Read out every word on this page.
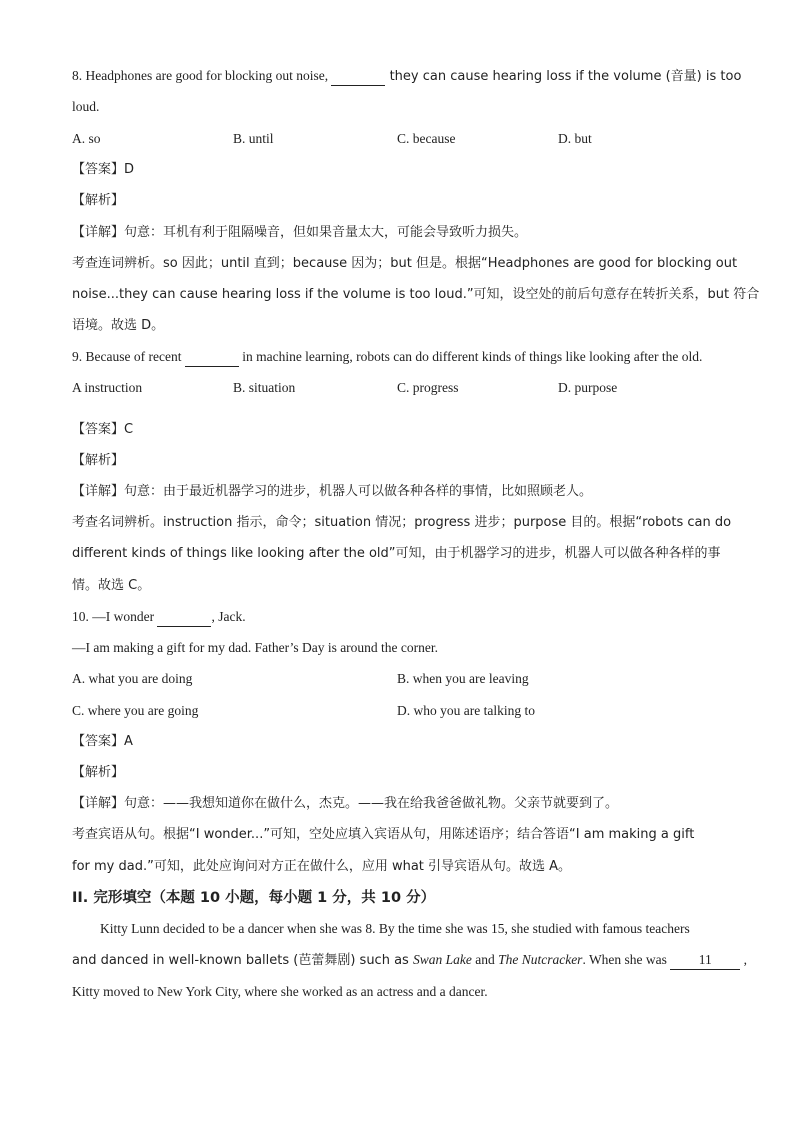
8. Headphones are good for blocking out noise,	they can cause hearing loss if the volume (音量) is too
loud.
A. so	B. until	C. because	D. but
【答案】D
【解析】
【详解】句意：耳机有利于阻隔噪音，但如果音量太大，可能会导致听力损失。
考查连词辨析。so 因此；until 直到；because 因为；but 但是。根据“Headphones are good for blocking out
noise...they can cause hearing loss if the volume is too loud.”可知，设空处的前后句意存在转折关系，but 符合
语境。故选 D。
9. Because of recent	in machine learning, robots can do different kinds of things like looking after the old.
A instruction	B. situation	C. progress	D. purpose
【答案】C
【解析】
【详解】句意：由于最近机器学习的进步，机器人可以做各种各样的事情，比如照顾老人。
考查名词辨析。instruction 指示，命令；situation 情况；progress 进步；purpose 目的。根据“robots can do
different kinds of things like looking after the old”可知，由于机器学习的进步，机器人可以做各种各样的事
情。故选 C。
10. —I wonder	, Jack.
—I am making a gift for my dad. Father’s Day is around the corner.
A. what you are doing	B. when you are leaving
C. where you are going	D. who you are talking to
【答案】A
【解析】
【详解】句意：——我想知道你在做什么，杰克。——我在给我爸爸做礼物。父亲节就要到了。
考查宾语从句。根据“I wonder...”可知，空处应填入宾语从句，用陈述语序；结合答语“I am making a gift
for my dad.”可知，此处应询问对方正在做什么，应用 what 引导宾语从句。故选 A。
II. 完形填空（本题 10 小题，每小题 1 分，共 10 分）
Kitty Lunn decided to be a dancer when she was 8. By the time she was 15, she studied with famous teachers
and danced in well-known ballets (芭蕾舞剧) such as Swan Lake and The Nutcracker. When she was 11 ,
Kitty moved to New York City, where she worked as an actress and a dancer.
